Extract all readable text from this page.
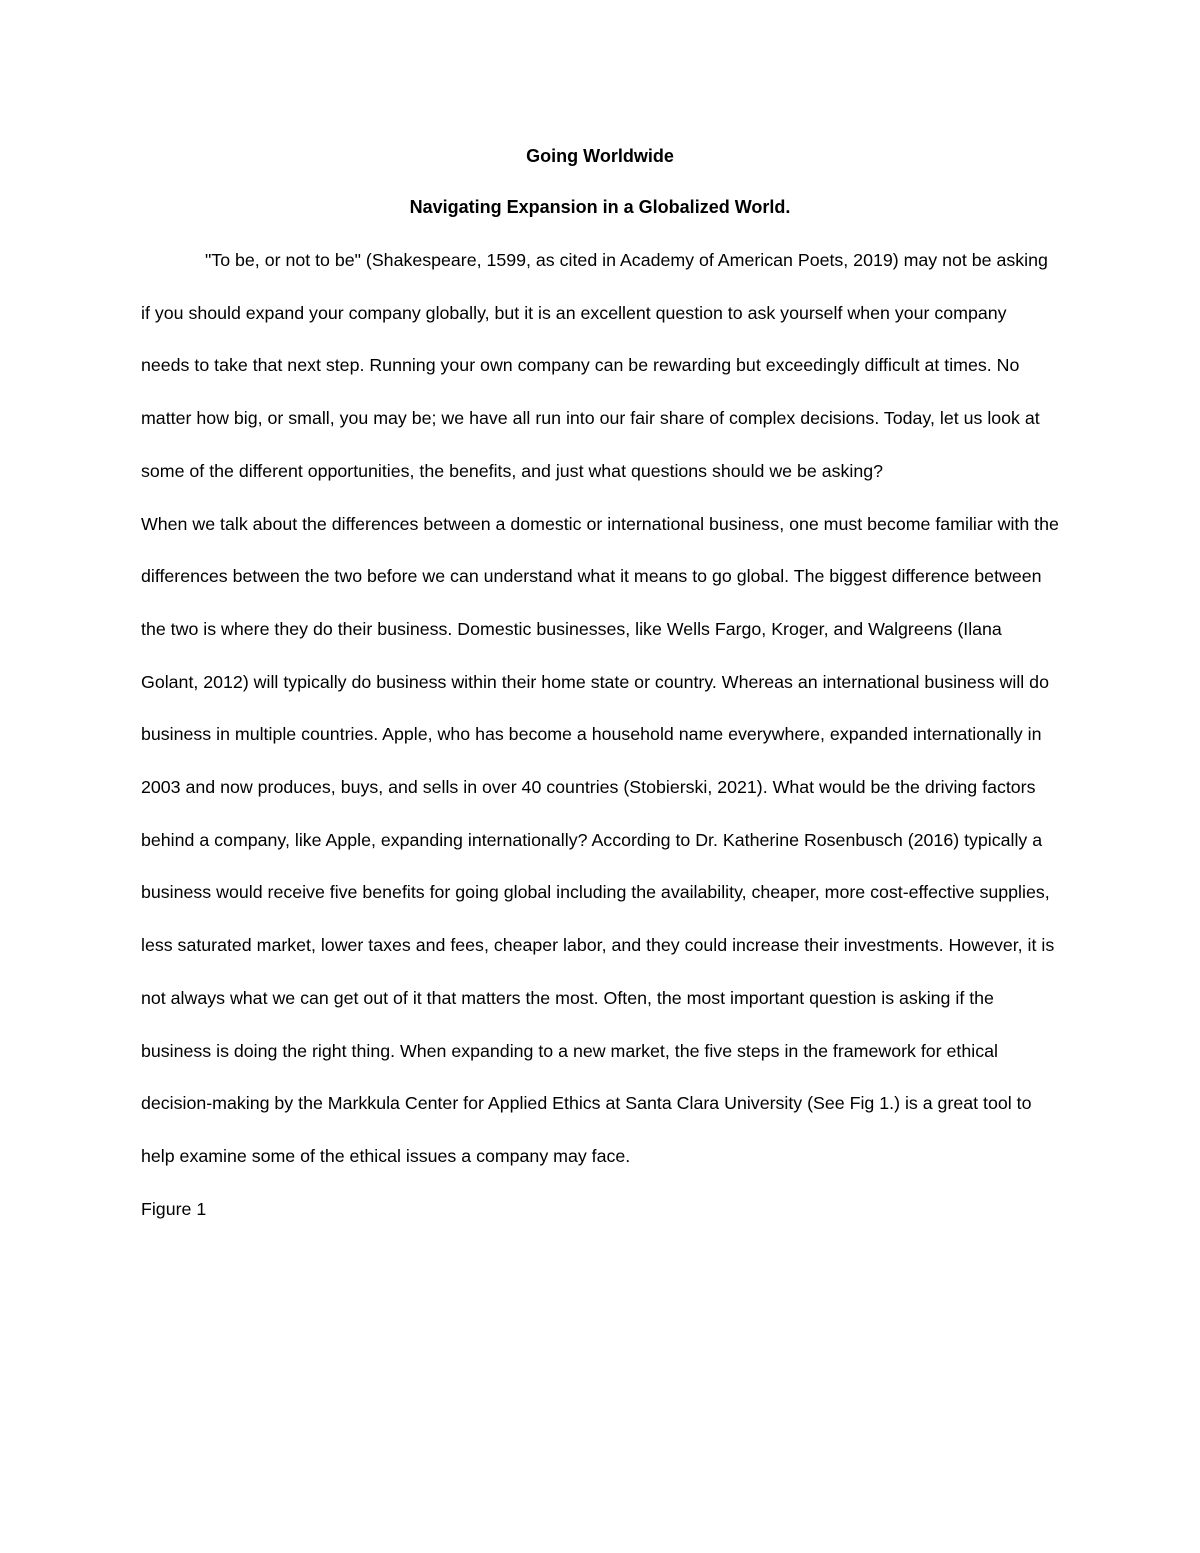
Going Worldwide
Navigating Expansion in a Globalized World.

"To be, or not to be" (Shakespeare, 1599, as cited in Academy of American Poets, 2019) may not be asking if you should expand your company globally, but it is an excellent question to ask yourself when your company needs to take that next step. Running your own company can be rewarding but exceedingly difficult at times. No matter how big, or small, you may be; we have all run into our fair share of complex decisions. Today, let us look at some of the different opportunities, the benefits, and just what questions should we be asking?

When we talk about the differences between a domestic or international business, one must become familiar with the differences between the two before we can understand what it means to go global. The biggest difference between the two is where they do their business. Domestic businesses, like Wells Fargo, Kroger, and Walgreens (Ilana Golant, 2012) will typically do business within their home state or country. Whereas an international business will do business in multiple countries. Apple, who has become a household name everywhere, expanded internationally in 2003 and now produces, buys, and sells in over 40 countries (Stobierski, 2021). What would be the driving factors behind a company, like Apple, expanding internationally? According to Dr. Katherine Rosenbusch (2016) typically a business would receive five benefits for going global including the availability, cheaper, more cost-effective supplies, less saturated market, lower taxes and fees, cheaper labor, and they could increase their investments. However, it is not always what we can get out of it that matters the most. Often, the most important question is asking if the business is doing the right thing. When expanding to a new market, the five steps in the framework for ethical decision-making by the Markkula Center for Applied Ethics at Santa Clara University (See Fig 1.) is a great tool to help examine some of the ethical issues a company may face.

Figure 1
